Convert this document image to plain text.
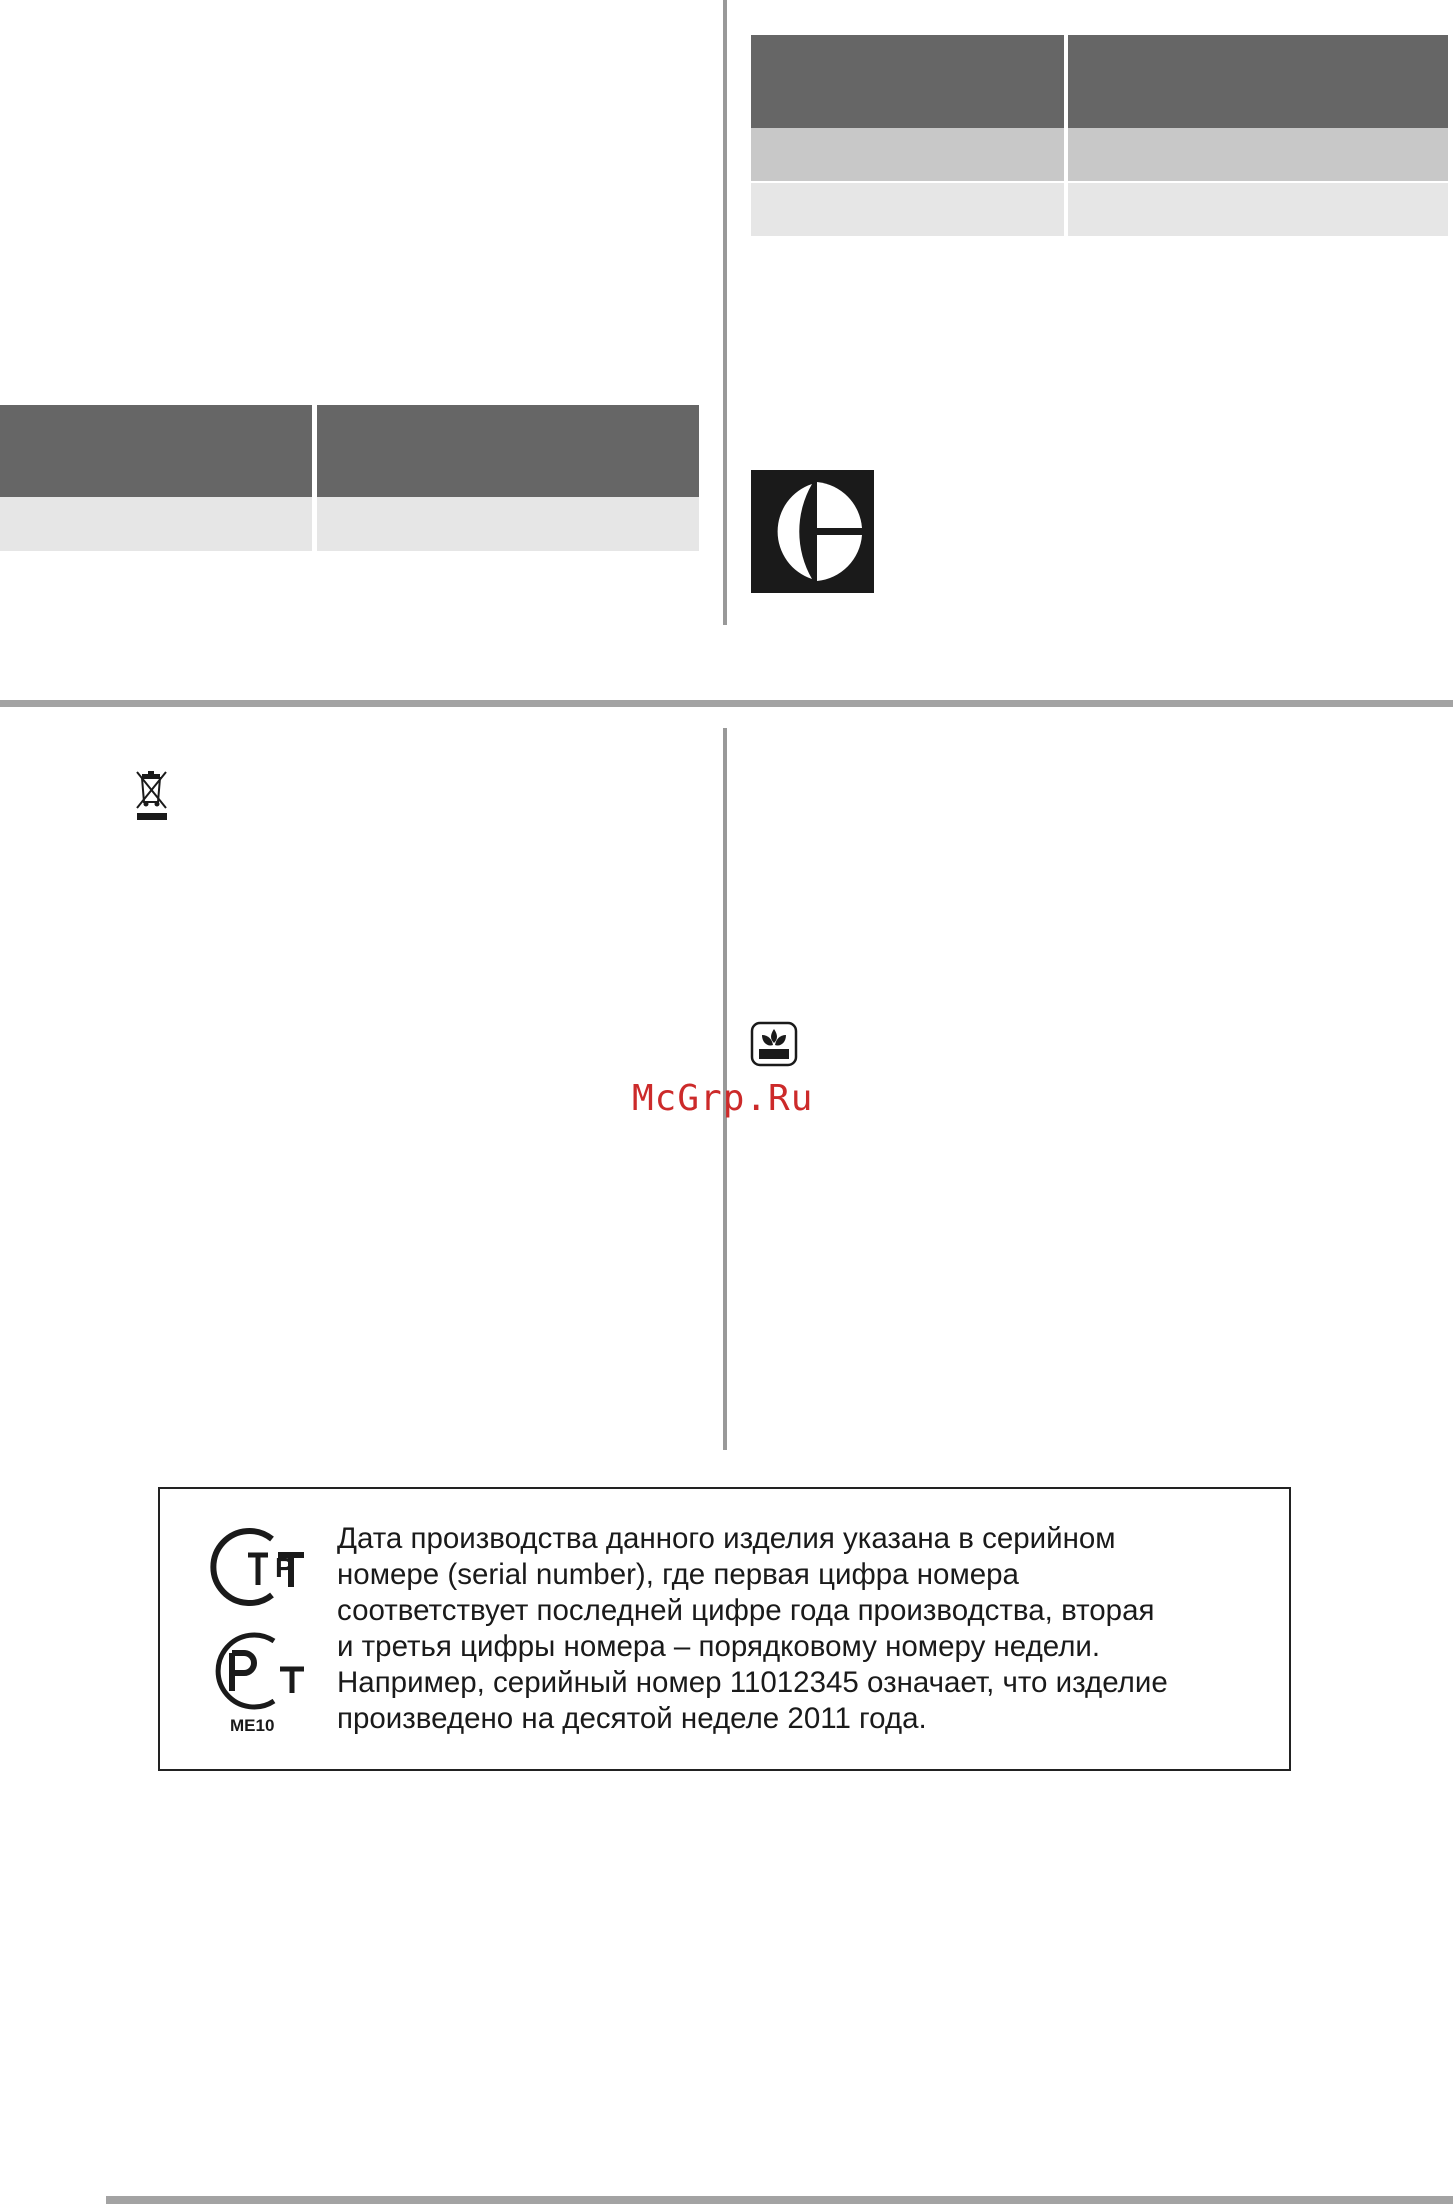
McGrp.Ru
P
ME10
Дата производства данного изделия указана в серийном
номере (serial number), где первая цифра номера
соответствует последней цифре года производства, вторая
и третья цифры номера – порядковому номеру недели.
Например, серийный номер 11012345 означает, что изделие
произведено на десятой неделе 2011 года.
